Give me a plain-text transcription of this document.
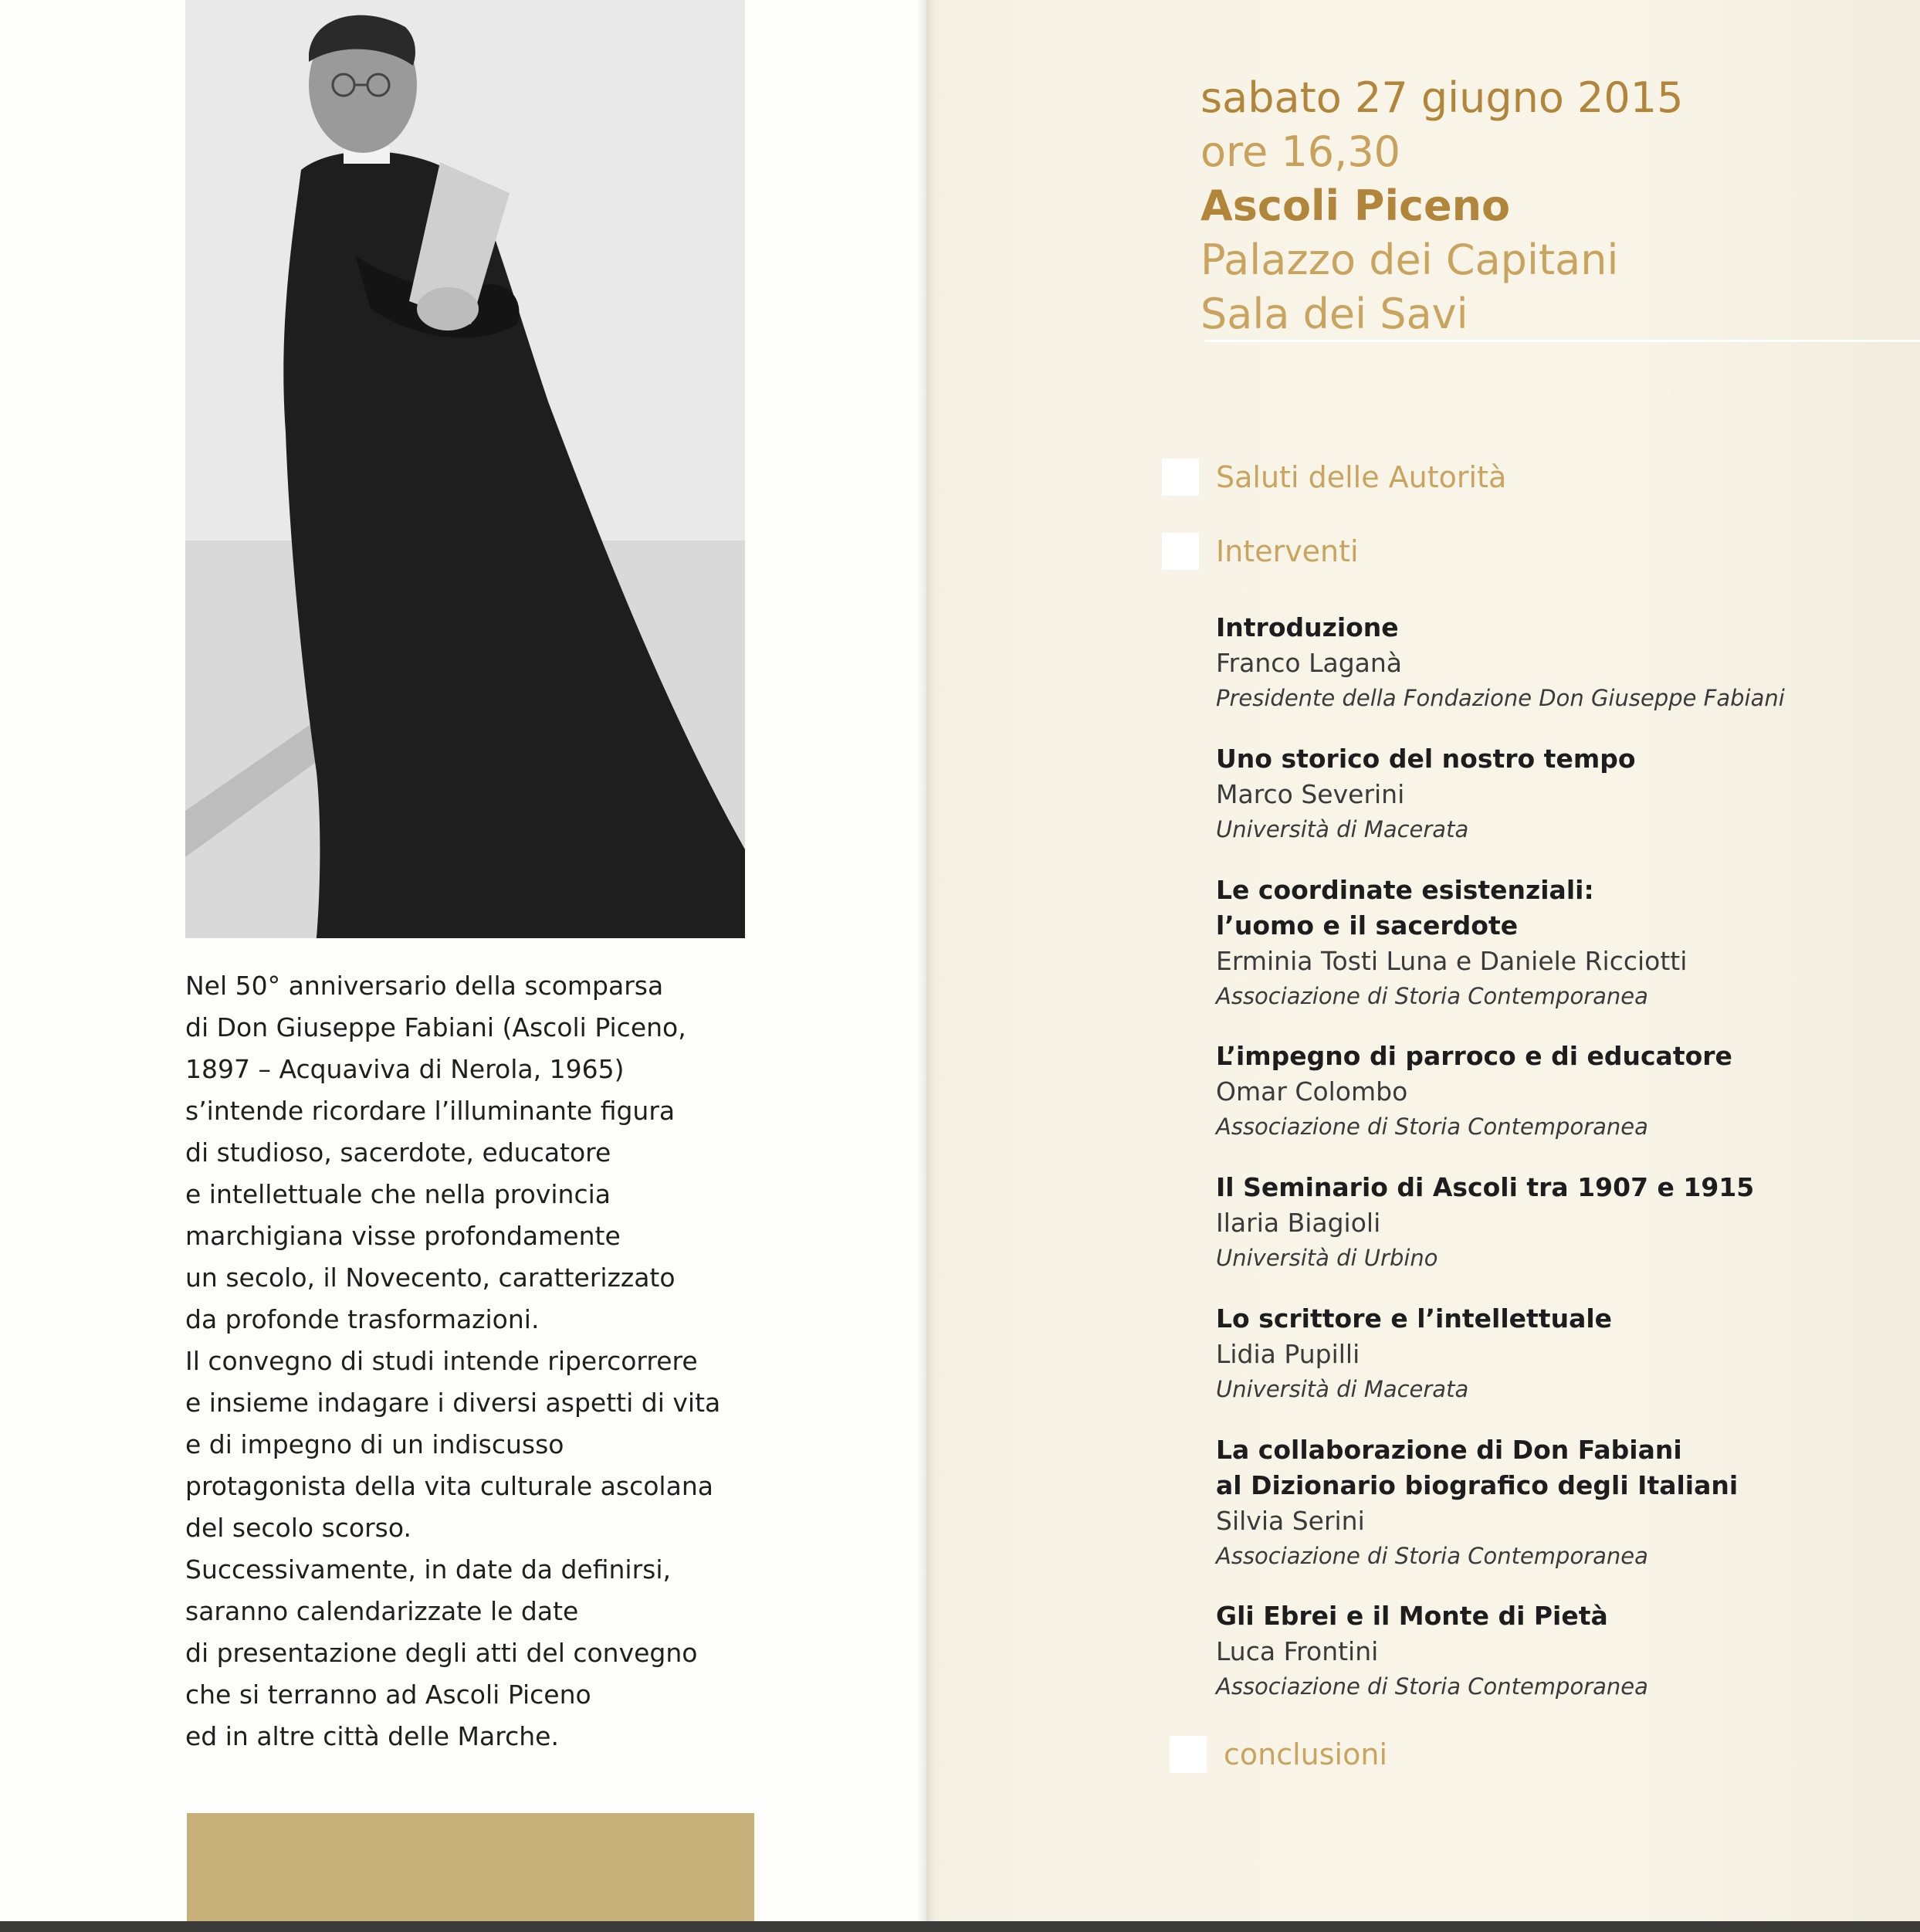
Nel 50° anniversario della scomparsa
di Don Giuseppe Fabiani (Ascoli Piceno,
1897 – Acquaviva di Nerola, 1965)
s’intende ricordare l’illuminante figura
di studioso, sacerdote, educatore
e intellettuale che nella provincia
marchigiana visse profondamente
un secolo, il Novecento, caratterizzato
da profonde trasformazioni.
Il convegno di studi intende ripercorrere
e insieme indagare i diversi aspetti di vita
e di impegno di un indiscusso
protagonista della vita culturale ascolana
del secolo scorso.
Successivamente, in date da definirsi,
saranno calendarizzate le date
di presentazione degli atti del convegno
che si terranno ad Ascoli Piceno
ed in altre città delle Marche.

sabato 27 giugno 2015
ore 16,30
Ascoli Piceno
Palazzo dei Capitani
Sala dei Savi
Saluti delle Autorità
Interventi
Introduzione
Franco Laganà
Presidente della Fondazione Don Giuseppe Fabiani
Uno storico del nostro tempo
Marco Severini
Università di Macerata
Le coordinate esistenziali:
l’uomo e il sacerdote
Erminia Tosti Luna e Daniele Ricciotti
Associazione di Storia Contemporanea
L’impegno di parroco e di educatore
Omar Colombo
Associazione di Storia Contemporanea
Il Seminario di Ascoli tra 1907 e 1915
Ilaria Biagioli
Università di Urbino
Lo scrittore e l’intellettuale
Lidia Pupilli
Università di Macerata
La collaborazione di Don Fabiani
al Dizionario biografico degli Italiani
Silvia Serini
Associazione di Storia Contemporanea
Gli Ebrei e il Monte di Pietà
Luca Frontini
Associazione di Storia Contemporanea
conclusioni
